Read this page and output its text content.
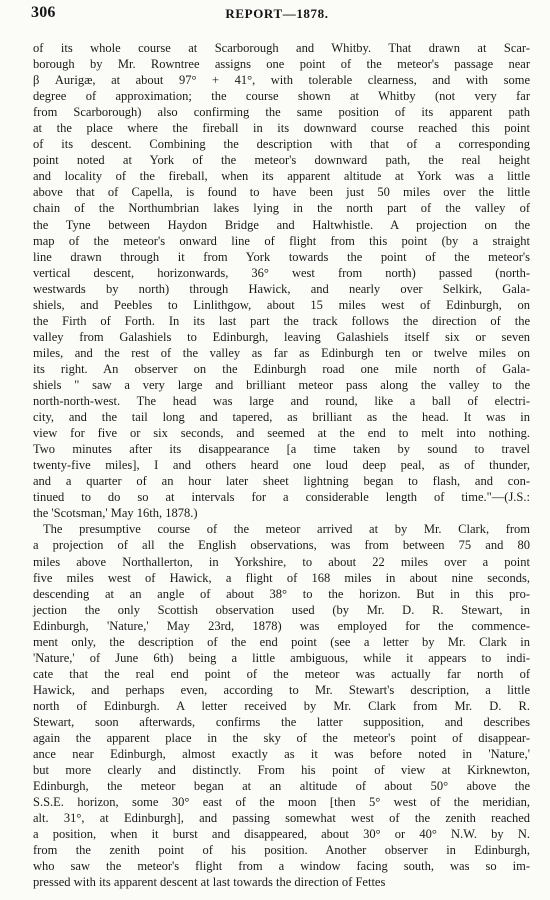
306	REPORT—1878.
of its whole course at Scarborough and Whitby. That drawn at Scar-
borough by Mr. Rowntree assigns one point of the meteor's passage near
β Aurigæ, at about 97° + 41°, with tolerable clearness, and with some
degree of approximation; the course shown at Whitby (not very far
from Scarborough) also confirming the same position of its apparent path
at the place where the fireball in its downward course reached this point
of its descent. Combining the description with that of a corresponding
point noted at York of the meteor's downward path, the real height
and locality of the fireball, when its apparent altitude at York was a little
above that of Capella, is found to have been just 50 miles over the little
chain of the Northumbrian lakes lying in the north part of the valley of
the Tyne between Haydon Bridge and Haltwhistle. A projection on the
map of the meteor's onward line of flight from this point (by a straight
line drawn through it from York towards the point of the meteor's
vertical descent, horizonwards, 36° west from north) passed (north-
westwards by north) through Hawick, and nearly over Selkirk, Gala-
shiels, and Peebles to Linlithgow, about 15 miles west of Edinburgh, on
the Firth of Forth. In its last part the track follows the direction of the
valley from Galashiels to Edinburgh, leaving Galashiels itself six or seven
miles, and the rest of the valley as far as Edinburgh ten or twelve miles on
its right. An observer on the Edinburgh road one mile north of Gala-
shiels " saw a very large and brilliant meteor pass along the valley to the
north-north-west. The head was large and round, like a ball of electri-
city, and the tail long and tapered, as brilliant as the head. It was in
view for five or six seconds, and seemed at the end to melt into nothing.
Two minutes after its disappearance [a time taken by sound to travel
twenty-five miles], I and others heard one loud deep peal, as of thunder,
and a quarter of an hour later sheet lightning began to flash, and con-
tinued to do so at intervals for a considerable length of time."—(J.S.:
the 'Scotsman,' May 16th, 1878.)
The presumptive course of the meteor arrived at by Mr. Clark, from
a projection of all the English observations, was from between 75 and 80
miles above Northallerton, in Yorkshire, to about 22 miles over a point
five miles west of Hawick, a flight of 168 miles in about nine seconds,
descending at an angle of about 38° to the horizon. But in this pro-
jection the only Scottish observation used (by Mr. D. R. Stewart, in
Edinburgh, 'Nature,' May 23rd, 1878) was employed for the commence-
ment only, the description of the end point (see a letter by Mr. Clark in
'Nature,' of June 6th) being a little ambiguous, while it appears to indi-
cate that the real end point of the meteor was actually far north of
Hawick, and perhaps even, according to Mr. Stewart's description, a little
north of Edinburgh. A letter received by Mr. Clark from Mr. D. R.
Stewart, soon afterwards, confirms the latter supposition, and describes
again the apparent place in the sky of the meteor's point of disappear-
ance near Edinburgh, almost exactly as it was before noted in 'Nature,'
but more clearly and distinctly. From his point of view at Kirknewton,
Edinburgh, the meteor began at an altitude of about 50° above the
S.S.E. horizon, some 30° east of the moon [then 5° west of the meridian,
alt. 31°, at Edinburgh], and passing somewhat west of the zenith reached
a position, when it burst and disappeared, about 30° or 40° N.W. by N.
from the zenith point of his position. Another observer in Edinburgh,
who saw the meteor's flight from a window facing south, was so im-
pressed with its apparent descent at last towards the direction of Fettes
